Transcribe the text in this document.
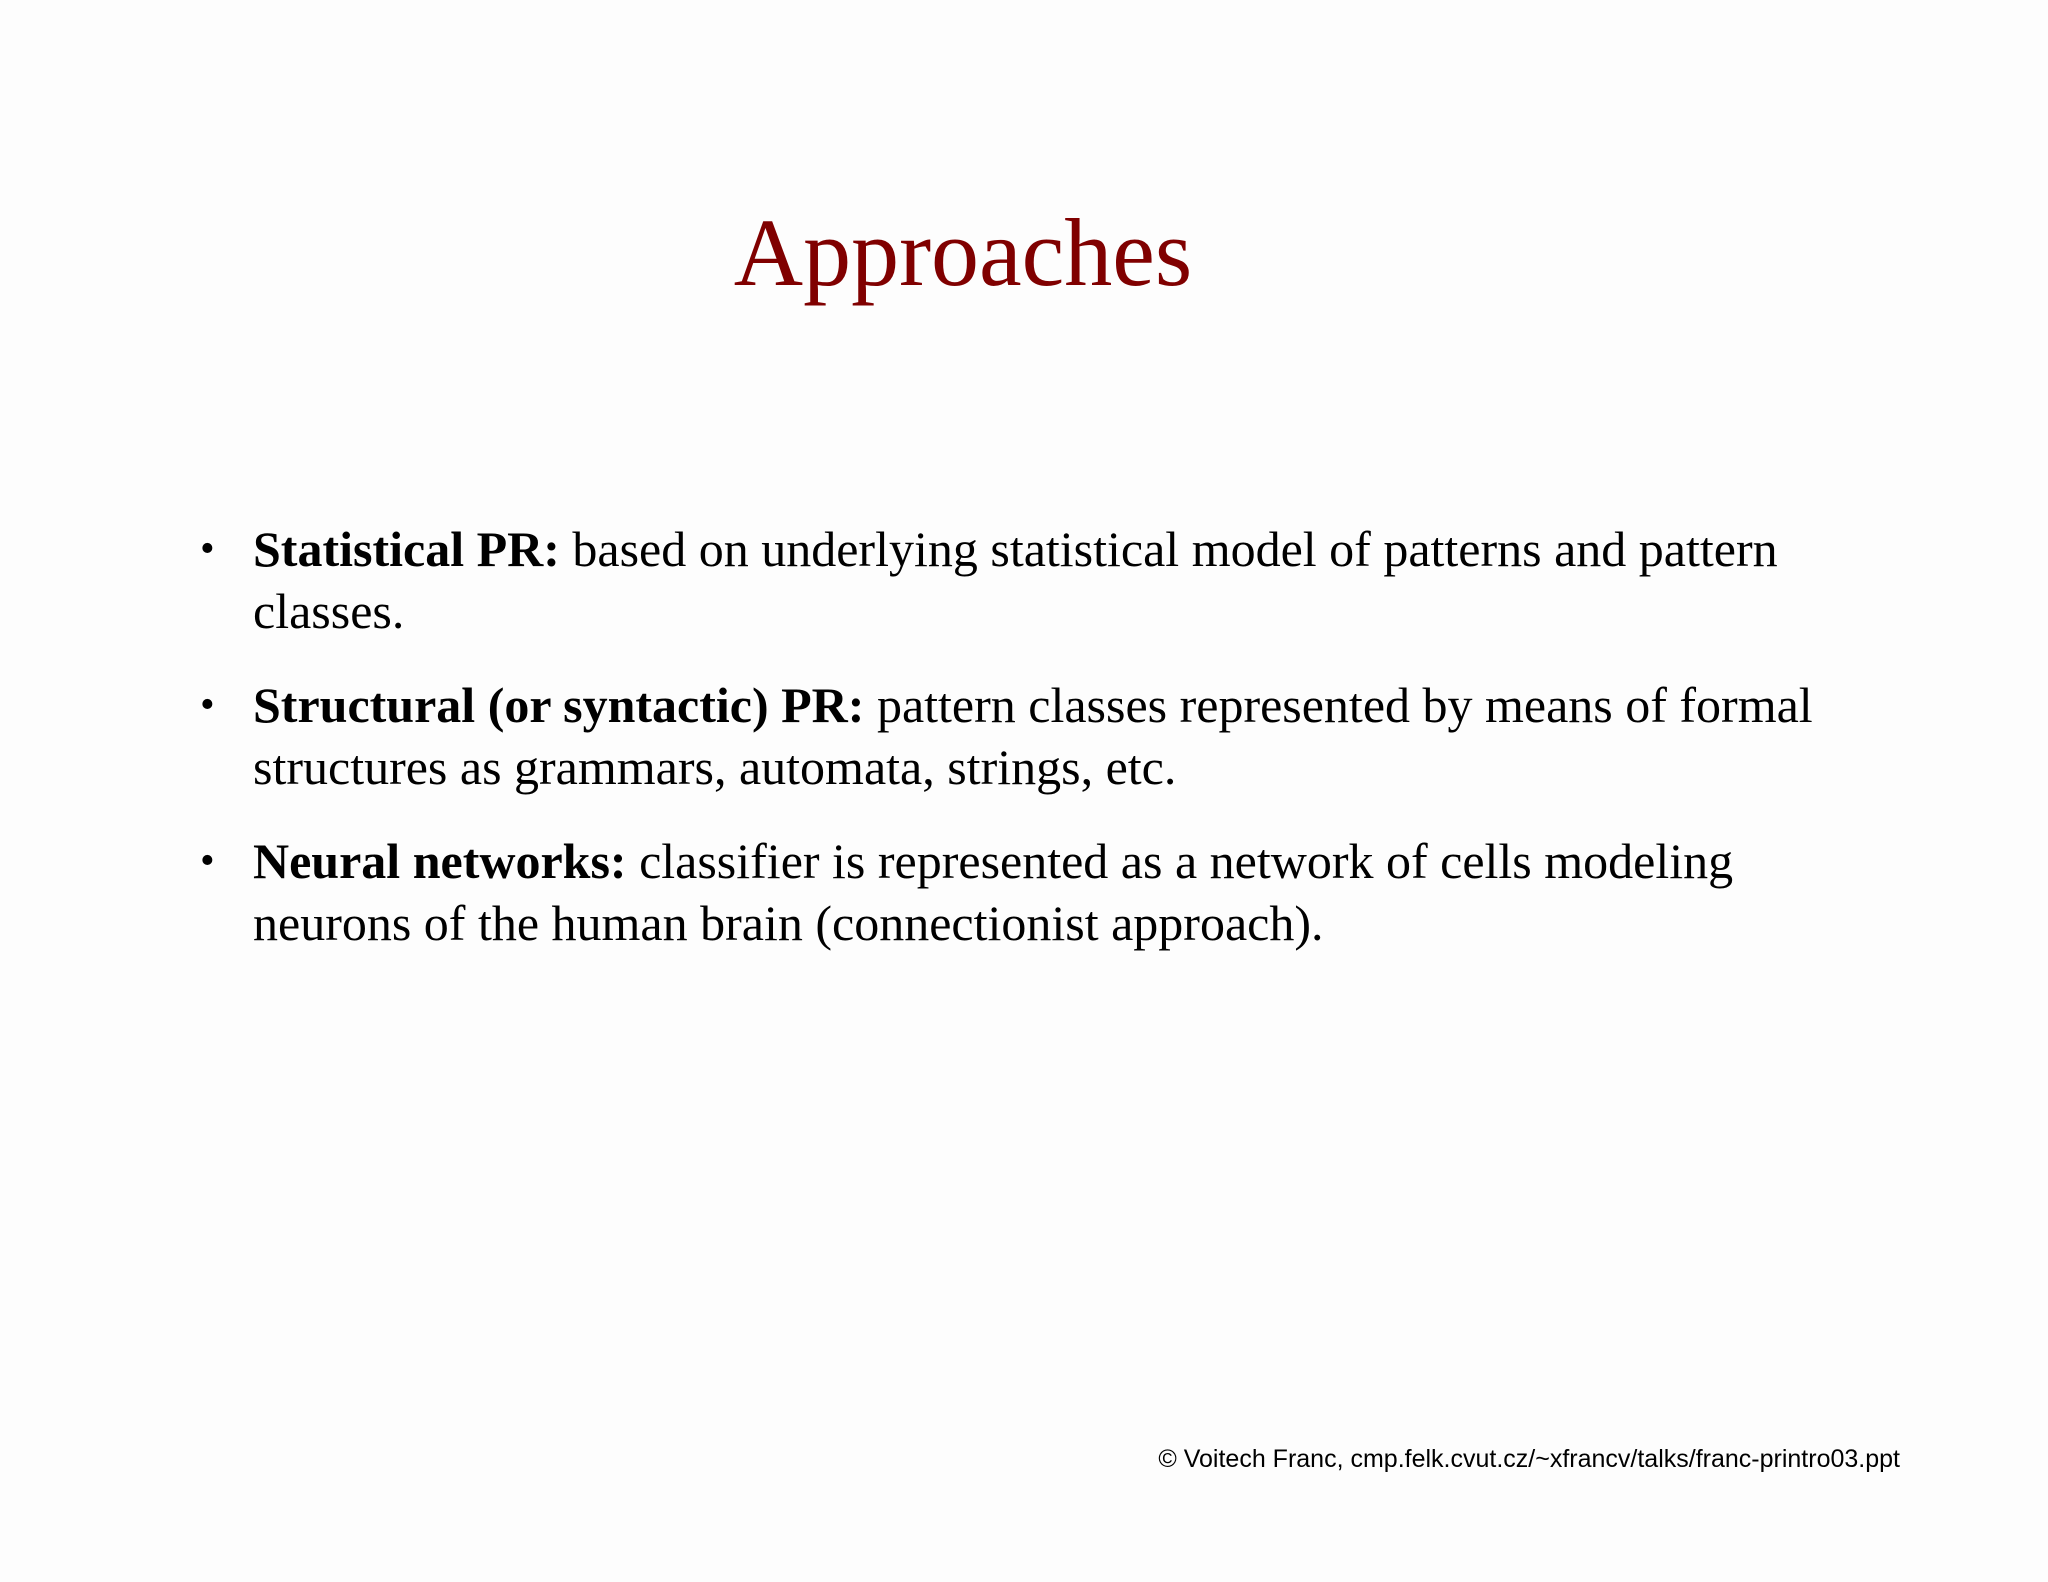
Approaches
• Statistical PR: based on underlying statistical model of patterns and pattern classes.
• Structural (or syntactic) PR: pattern classes represented by means of formal structures as grammars, automata, strings, etc.
• Neural networks: classifier is represented as a network of cells modeling neurons of the human brain (connectionist approach).
© Voitech Franc, cmp.felk.cvut.cz/~xfrancv/talks/franc-printro03.ppt
